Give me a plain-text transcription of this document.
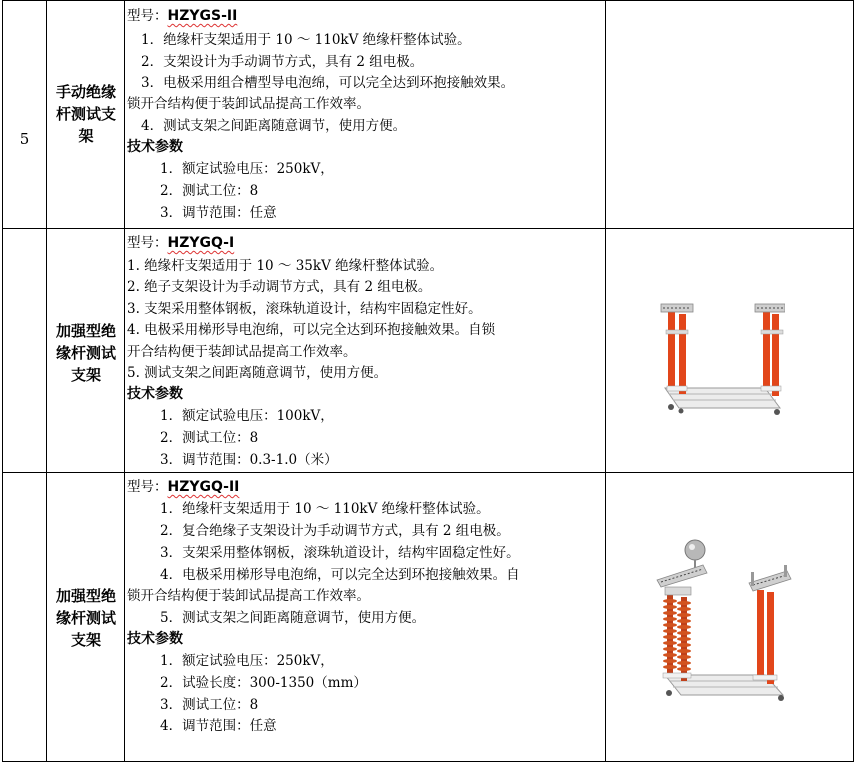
5
手动绝缘
杆测试支
架
型号：HZYGS-II
1．绝缘杆支架适用于 10 ～ 110kV 绝缘杆整体试验。
2．支架设计为手动调节方式，具有 2 组电极。
3．电极采用组合槽型导电泡绵，可以完全达到环抱接触效果。
锁开合结构便于装卸试品提高工作效率。
4．测试支架之间距离随意调节，使用方便。
技术参数
1．额定试验电压：250kV，
2．测试工位：8
3．调节范围：任意
加强型绝
缘杆测试
支架
型号：HZYGQ-I
1. 绝缘杆支架适用于 10 ～ 35kV 绝缘杆整体试验。
2. 绝子支架设计为手动调节方式，具有 2 组电极。
3. 支架采用整体钢板，滚珠轨道设计，结构牢固稳定性好。
4. 电极采用梯形导电泡绵，可以完全达到环抱接触效果。自锁
开合结构便于装卸试品提高工作效率。
5. 测试支架之间距离随意调节，使用方便。
技术参数
1．额定试验电压：100kV，
2．测试工位：8
3．调节范围：0.3-1.0（米）
加强型绝
缘杆测试
支架
型号：HZYGQ-II
1．绝缘杆支架适用于 10 ～ 110kV 绝缘杆整体试验。
2．复合绝缘子支架设计为手动调节方式，具有 2 组电极。
3．支架采用整体钢板，滚珠轨道设计，结构牢固稳定性好。
4．电极采用梯形导电泡绵，可以完全达到环抱接触效果。自
锁开合结构便于装卸试品提高工作效率。
5．测试支架之间距离随意调节，使用方便。
技术参数
1．额定试验电压：250kV，
2．试验长度：300-1350（mm）
3．测试工位：8
4．调节范围：任意
